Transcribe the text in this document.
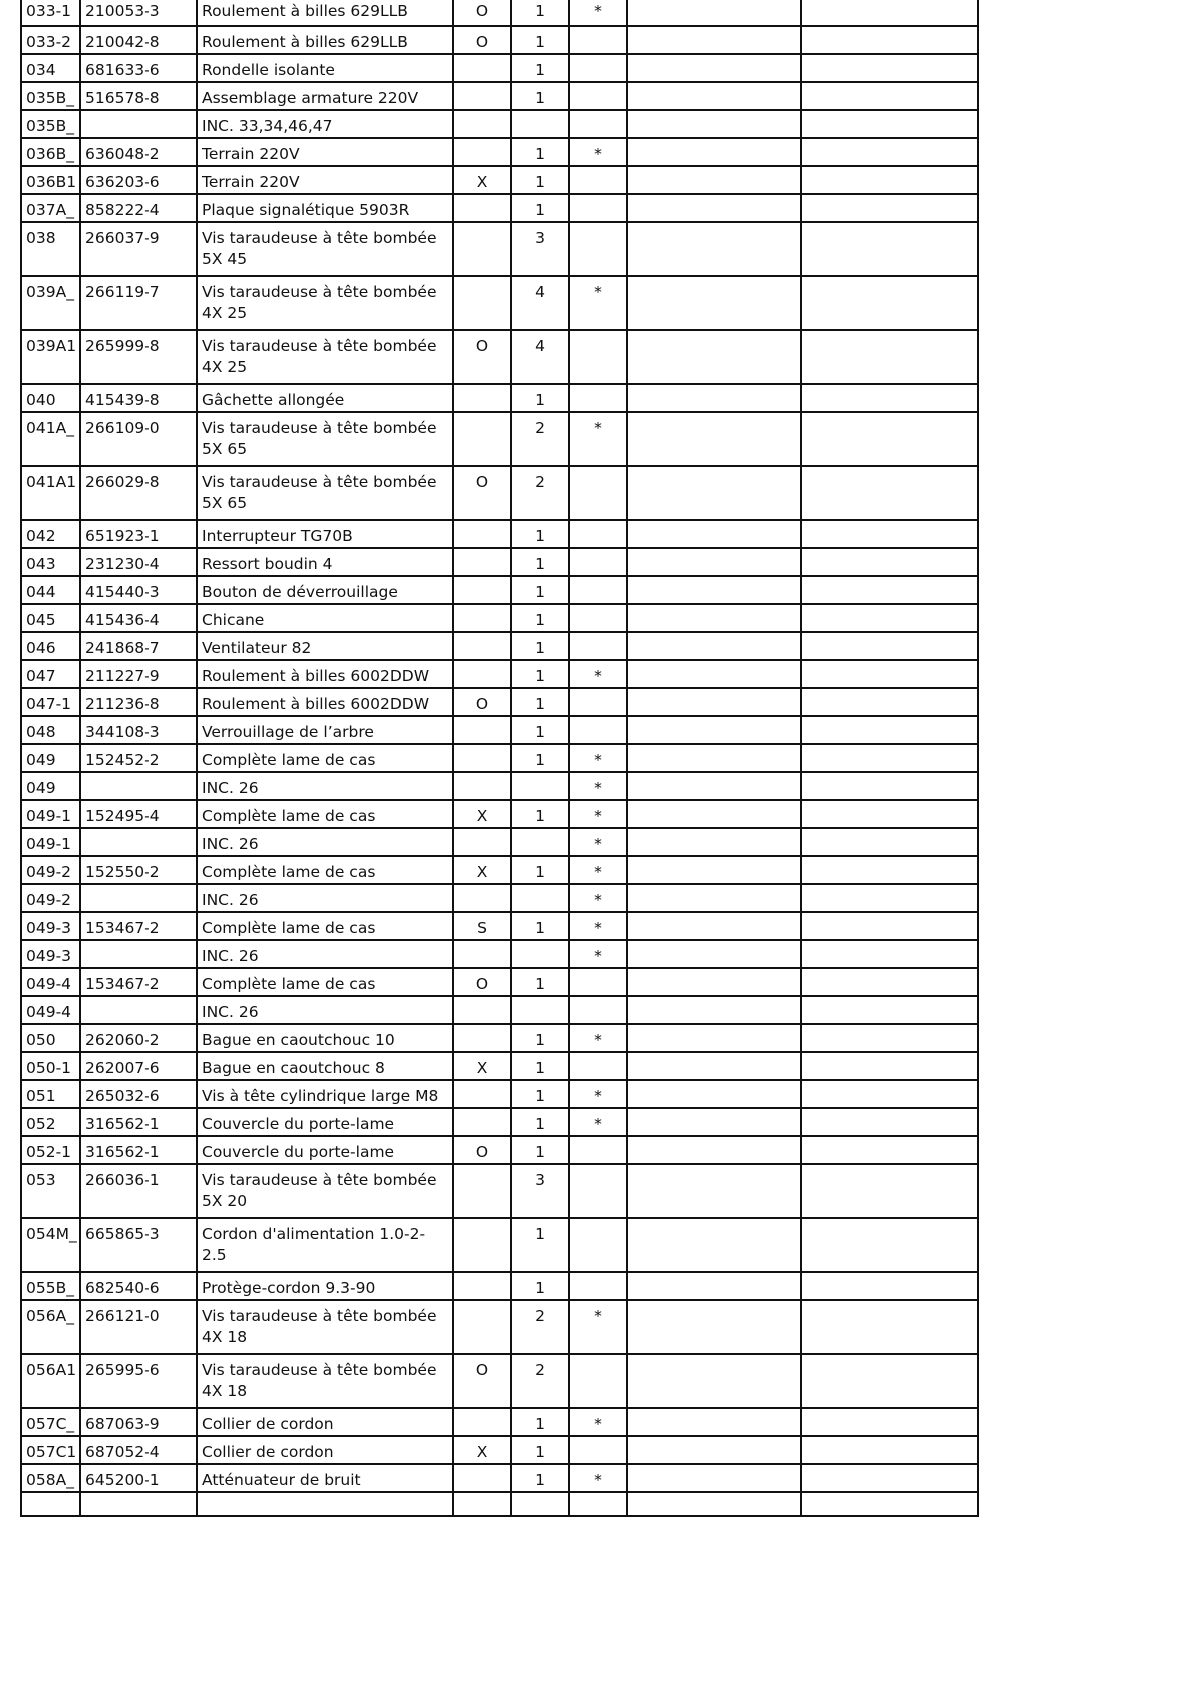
033-1	210053-3	Roulement à billes 629LLB	O	1	*		
033-2	210042-8	Roulement à billes 629LLB	O	1			
034	681633-6	Rondelle isolante		1			
035B_	516578-8	Assemblage armature 220V		1			
035B_		INC. 33,34,46,47					
036B_	636048-2	Terrain 220V		1	*		
036B1	636203-6	Terrain 220V	X	1			
037A_	858222-4	Plaque signalétique 5903R		1			
038	266037-9	Vis taraudeuse à tête bombée 5X 45		3			
039A_	266119-7	Vis taraudeuse à tête bombée 4X 25		4	*		
039A1	265999-8	Vis taraudeuse à tête bombée 4X 25	O	4			
040	415439-8	Gâchette allongée		1			
041A_	266109-0	Vis taraudeuse à tête bombée 5X 65		2	*		
041A1	266029-8	Vis taraudeuse à tête bombée 5X 65	O	2			
042	651923-1	Interrupteur TG70B		1			
043	231230-4	Ressort boudin 4		1			
044	415440-3	Bouton de déverrouillage		1			
045	415436-4	Chicane		1			
046	241868-7	Ventilateur 82		1			
047	211227-9	Roulement à billes 6002DDW		1	*		
047-1	211236-8	Roulement à billes 6002DDW	O	1			
048	344108-3	Verrouillage de l’arbre		1			
049	152452-2	Complète lame de cas		1	*		
049		INC. 26			*		
049-1	152495-4	Complète lame de cas	X	1	*		
049-1		INC. 26			*		
049-2	152550-2	Complète lame de cas	X	1	*		
049-2		INC. 26			*		
049-3	153467-2	Complète lame de cas	S	1	*		
049-3		INC. 26			*		
049-4	153467-2	Complète lame de cas	O	1			
049-4		INC. 26					
050	262060-2	Bague en caoutchouc 10		1	*		
050-1	262007-6	Bague en caoutchouc 8	X	1			
051	265032-6	Vis à tête cylindrique large M8		1	*		
052	316562-1	Couvercle du porte-lame		1	*		
052-1	316562-1	Couvercle du porte-lame	O	1			
053	266036-1	Vis taraudeuse à tête bombée 5X 20		3			
054M_	665865-3	Cordon d'alimentation 1.0-2-2.5		1			
055B_	682540-6	Protège-cordon 9.3-90		1			
056A_	266121-0	Vis taraudeuse à tête bombée 4X 18		2	*		
056A1	265995-6	Vis taraudeuse à tête bombée 4X 18	O	2			
057C_	687063-9	Collier de cordon		1	*		
057C1	687052-4	Collier de cordon	X	1			
058A_	645200-1	Atténuateur de bruit		1	*		
